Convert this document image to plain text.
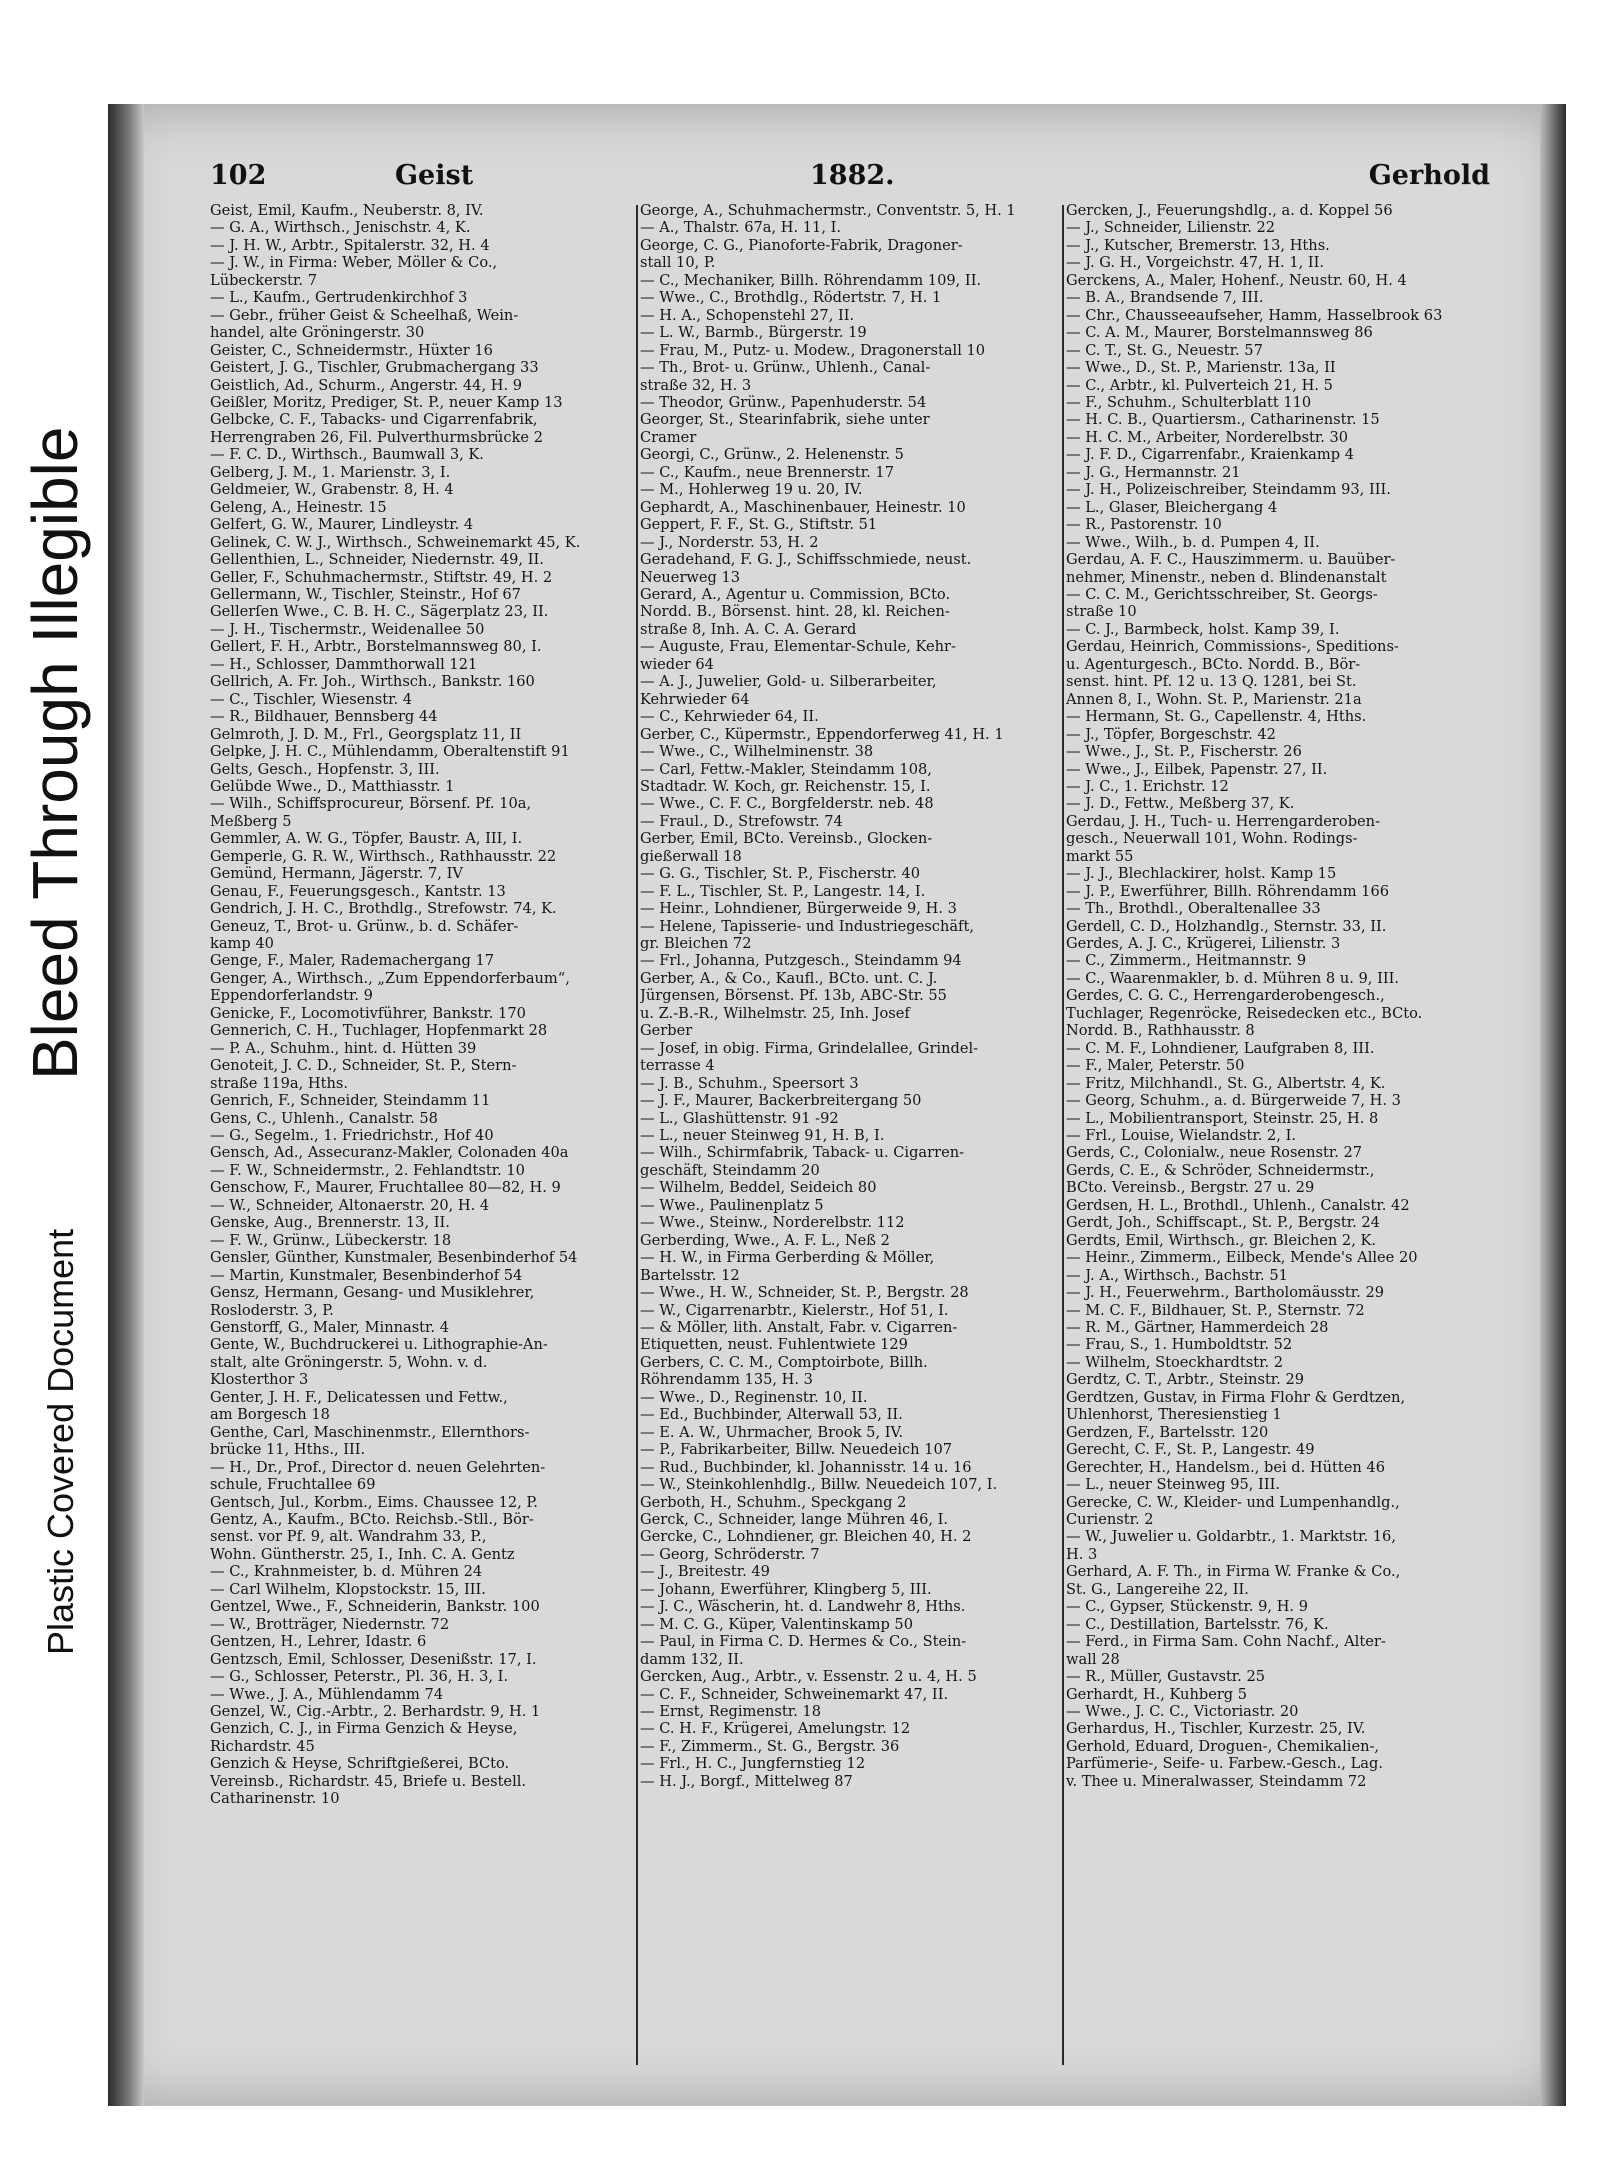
Bleed Through Illegible
Plastic Covered Document
102	Geist	1882.	Gerhold
Geist, Emil, Kaufm., Neuberstr. 8, IV.
— G. A., Wirthsch., Jenischstr. 4, K.
— J. H. W., Arbtr., Spitalerstr. 32, H. 4
— J. W., in Firma: Weber, Möller & Co.,
Lübeckerstr. 7
— L., Kaufm., Gertrudenkirchhof 3
— Gebr., früher Geist & Scheelhaß, Wein-
handel, alte Gröningerstr. 30
Geister, C., Schneidermstr., Hüxter 16
Geistert, J. G., Tischler, Grubmachergang 33
Geistlich, Ad., Schurm., Angerstr. 44, H. 9
Geißler, Moritz, Prediger, St. P., neuer Kamp 13
Gelbcke, C. F., Tabacks- und Cigarrenfabrik,
Herrengraben 26, Fil. Pulverthurmsbrücke 2
— F. C. D., Wirthsch., Baumwall 3, K.
Gelberg, J. M., 1. Marienstr. 3, I.
Geldmeier, W., Grabenstr. 8, H. 4
Geleng, A., Heinestr. 15
Gelfert, G. W., Maurer, Lindleystr. 4
Gelinek, C. W. J., Wirthsch., Schweinemarkt 45, K.
Gellenthien, L., Schneider, Niedernstr. 49, II.
Geller, F., Schuhmachermstr., Stiftstr. 49, H. 2
Gellermann, W., Tischler, Steinstr., Hof 67
Gellerſen Wwe., C. B. H. C., Sägerplatz 23, II.
— J. H., Tischermstr., Weidenallee 50
Gellert, F. H., Arbtr., Borstelmannsweg 80, I.
— H., Schlosser, Dammthorwall 121
Gellrich, A. Fr. Joh., Wirthsch., Bankstr. 160
— C., Tischler, Wiesenstr. 4
— R., Bildhauer, Bennsberg 44
Gelmroth, J. D. M., Frl., Georgsplatz 11, II
Gelpke, J. H. C., Mühlendamm, Oberaltenstift 91
Gelts, Gesch., Hopfenstr. 3, III.
Gelübde Wwe., D., Matthiasstr. 1
— Wilh., Schiffsprocureur, Börsenf. Pf. 10a,
Meßberg 5
Gemmler, A. W. G., Töpfer, Baustr. A, III, I.
Gemperle, G. R. W., Wirthsch., Rathhausstr. 22
Gemünd, Hermann, Jägerstr. 7, IV
Genau, F., Feuerungsgesch., Kantstr. 13
Gendrich, J. H. C., Brothdlg., Strefowstr. 74, K.
Geneuz, T., Brot- u. Grünw., b. d. Schäfer-
kamp 40
Genge, F., Maler, Rademachergang 17
Genger, A., Wirthsch., „Zum Eppendorferbaum“,
Eppendorferlandstr. 9
Genicke, F., Locomotivführer, Bankstr. 170
Gennerich, C. H., Tuchlager, Hopfenmarkt 28
— P. A., Schuhm., hint. d. Hütten 39
Genoteit, J. C. D., Schneider, St. P., Stern-
straße 119a, Hths.
Genrich, F., Schneider, Steindamm 11
Gens, C., Uhlenh., Canalstr. 58
— G., Segelm., 1. Friedrichstr., Hof 40
Gensch, Ad., Assecuranz-Makler, Colonaden 40a
— F. W., Schneidermstr., 2. Fehlandtstr. 10
Genschow, F., Maurer, Fruchtallee 80—82, H. 9
— W., Schneider, Altonaerstr. 20, H. 4
Genske, Aug., Brennerstr. 13, II.
— F. W., Grünw., Lübeckerstr. 18
Gensler, Günther, Kunstmaler, Besenbinderhof 54
— Martin, Kunstmaler, Besenbinderhof 54
Gensz, Hermann, Gesang- und Musiklehrer,
Rosloderstr. 3, P.
Genstorff, G., Maler, Minnastr. 4
Gente, W., Buchdruckerei u. Lithographie-An-
stalt, alte Gröningerstr. 5, Wohn. v. d.
Klosterthor 3
Genter, J. H. F., Delicatessen und Fettw.,
am Borgesch 18
Genthe, Carl, Maschinenmstr., Ellernthors-
brücke 11, Hths., III.
— H., Dr., Prof., Director d. neuen Gelehrten-
schule, Fruchtallee 69
Gentsch, Jul., Korbm., Eims. Chaussee 12, P.
Gentz, A., Kaufm., BCto. Reichsb.-Stll., Bör-
senst. vor Pf. 9, alt. Wandrahm 33, P.,
Wohn. Güntherstr. 25, I., Inh. C. A. Gentz
— C., Krahnmeister, b. d. Mühren 24
— Carl Wilhelm, Klopstockstr. 15, III.
Gentzel, Wwe., F., Schneiderin, Bankstr. 100
— W., Brotträger, Niedernstr. 72
Gentzen, H., Lehrer, Idastr. 6
Gentzsch, Emil, Schlosser, Desenißstr. 17, I.
— G., Schlosser, Peterstr., Pl. 36, H. 3, I.
— Wwe., J. A., Mühlendamm 74
Genzel, W., Cig.-Arbtr., 2. Berhardstr. 9, H. 1
Genzich, C. J., in Firma Genzich & Heyse,
Richardstr. 45
Genzich & Heyse, Schriftgießerei, BCto.
Vereinsb., Richardstr. 45, Briefe u. Bestell.
Catharinenstr. 10
George, A., Schuhmachermstr., Conventstr. 5, H. 1
— A., Thalstr. 67a, H. 11, I.
George, C. G., Pianoforte-Fabrik, Dragoner-
stall 10, P.
— C., Mechaniker, Billh. Röhrendamm 109, II.
— Wwe., C., Brothdlg., Rödertstr. 7, H. 1
— H. A., Schopenstehl 27, II.
— L. W., Barmb., Bürgerstr. 19
— Frau, M., Putz- u. Modew., Dragonerstall 10
— Th., Brot- u. Grünw., Uhlenh., Canal-
straße 32, H. 3
— Theodor, Grünw., Papenhuderstr. 54
Georger, St., Stearinfabrik, siehe unter
Cramer
Georgi, C., Grünw., 2. Helenenstr. 5
— C., Kaufm., neue Brennerstr. 17
— M., Hohlerweg 19 u. 20, IV.
Gephardt, A., Maschinenbauer, Heinestr. 10
Geppert, F. F., St. G., Stiftstr. 51
— J., Norderstr. 53, H. 2
Geradehand, F. G. J., Schiffsschmiede, neust.
Neuerweg 13
Gerard, A., Agentur u. Commission, BCto.
Nordd. B., Börsenst. hint. 28, kl. Reichen-
straße 8, Inh. A. C. A. Gerard
— Auguste, Frau, Elementar-Schule, Kehr-
wieder 64
— A. J., Juwelier, Gold- u. Silberarbeiter,
Kehrwieder 64
— C., Kehrwieder 64, II.
Gerber, C., Küpermstr., Eppendorferweg 41, H. 1
— Wwe., C., Wilhelminenstr. 38
— Carl, Fettw.-Makler, Steindamm 108,
Stadtadr. W. Koch, gr. Reichenstr. 15, I.
— Wwe., C. F. C., Borgfelderstr. neb. 48
— Fraul., D., Strefowstr. 74
Gerber, Emil, BCto. Vereinsb., Glocken-
gießerwall 18
— G. G., Tischler, St. P., Fischerstr. 40
— F. L., Tischler, St. P., Langestr. 14, I.
— Heinr., Lohndiener, Bürgerweide 9, H. 3
— Helene, Tapisserie- und Industriegeschäft,
gr. Bleichen 72
— Frl., Johanna, Putzgesch., Steindamm 94
Gerber, A., & Co., Kaufl., BCto. unt. C. J.
Jürgensen, Börsenst. Pf. 13b, ABC-Str. 55
u. Z.-B.-R., Wilhelmstr. 25, Inh. Josef
Gerber
— Josef, in obig. Firma, Grindelallee, Grindel-
terrasse 4
— J. B., Schuhm., Speersort 3
— J. F., Maurer, Backerbreitergang 50
— L., Glashüttenstr. 91 -92
— L., neuer Steinweg 91, H. B, I.
— Wilh., Schirmfabrik, Taback- u. Cigarren-
geschäft, Steindamm 20
— Wilhelm, Beddel, Seideich 80
— Wwe., Paulinenplatz 5
— Wwe., Steinw., Norderelbstr. 112
Gerberding, Wwe., A. F. L., Neß 2
— H. W., in Firma Gerberding & Möller,
Bartelsstr. 12
— Wwe., H. W., Schneider, St. P., Bergstr. 28
— W., Cigarrenarbtr., Kielerstr., Hof 51, I.
— & Möller, lith. Anstalt, Fabr. v. Cigarren-
Etiquetten, neust. Fuhlentwiete 129
Gerbers, C. C. M., Comptoirbote, Billh.
Röhrendamm 135, H. 3
— Wwe., D., Reginenstr. 10, II.
— Ed., Buchbinder, Alterwall 53, II.
— E. A. W., Uhrmacher, Brook 5, IV.
— P., Fabrikarbeiter, Billw. Neuedeich 107
— Rud., Buchbinder, kl. Johannisstr. 14 u. 16
— W., Steinkohlenhdlg., Billw. Neuedeich 107, I.
Gerboth, H., Schuhm., Speckgang 2
Gerck, C., Schneider, lange Mühren 46, I.
Gercke, C., Lohndiener, gr. Bleichen 40, H. 2
— Georg, Schröderstr. 7
— J., Breitestr. 49
— Johann, Ewerführer, Klingberg 5, III.
— J. C., Wäscherin, ht. d. Landwehr 8, Hths.
— M. C. G., Küper, Valentinskamp 50
— Paul, in Firma C. D. Hermes & Co., Stein-
damm 132, II.
Gercken, Aug., Arbtr., v. Essenstr. 2 u. 4, H. 5
— C. F., Schneider, Schweinemarkt 47, II.
— Ernst, Regimenstr. 18
— C. H. F., Krügerei, Amelungstr. 12
— F., Zimmerm., St. G., Bergstr. 36
— Frl., H. C., Jungfernstieg 12
— H. J., Borgf., Mittelweg 87
Gercken, J., Feuerungshdlg., a. d. Koppel 56
— J., Schneider, Lilienstr. 22
— J., Kutscher, Bremerstr. 13, Hths.
— J. G. H., Vorgeichstr. 47, H. 1, II.
Gerckens, A., Maler, Hohenf., Neustr. 60, H. 4
— B. A., Brandsende 7, III.
— Chr., Chausseeaufseher, Hamm, Hasselbrook 63
— C. A. M., Maurer, Borstelmannsweg 86
— C. T., St. G., Neuestr. 57
— Wwe., D., St. P., Marienstr. 13a, II
— C., Arbtr., kl. Pulverteich 21, H. 5
— F., Schuhm., Schulterblatt 110
— H. C. B., Quartiersm., Catharinenstr. 15
— H. C. M., Arbeiter, Norderelbstr. 30
— J. F. D., Cigarrenfabr., Kraienkamp 4
— J. G., Hermannstr. 21
— J. H., Polizeischreiber, Steindamm 93, III.
— L., Glaser, Bleichergang 4
— R., Pastorenstr. 10
— Wwe., Wilh., b. d. Pumpen 4, II.
Gerdau, A. F. C., Hauszimmerm. u. Bauüber-
nehmer, Minenstr., neben d. Blindenanstalt
— C. C. M., Gerichtsschreiber, St. Georgs-
straße 10
— C. J., Barmbeck, holst. Kamp 39, I.
Gerdau, Heinrich, Commissions-, Speditions-
u. Agenturgesch., BCto. Nordd. B., Bör-
senst. hint. Pf. 12 u. 13 Q. 1281, bei St.
Annen 8, I., Wohn. St. P., Marienstr. 21a
— Hermann, St. G., Capellenstr. 4, Hths.
— J., Töpfer, Borgeschstr. 42
— Wwe., J., St. P., Fischerstr. 26
— Wwe., J., Eilbek, Papenstr. 27, II.
— J. C., 1. Erichstr. 12
— J. D., Fettw., Meßberg 37, K.
Gerdau, J. H., Tuch- u. Herrengarderoben-
gesch., Neuerwall 101, Wohn. Rodings-
markt 55
— J. J., Blechlackirer, holst. Kamp 15
— J. P., Ewerführer, Billh. Röhrendamm 166
— Th., Brothdl., Oberaltenallee 33
Gerdell, C. D., Holzhandlg., Sternstr. 33, II.
Gerdes, A. J. C., Krügerei, Lilienstr. 3
— C., Zimmerm., Heitmannstr. 9
— C., Waarenmakler, b. d. Mühren 8 u. 9, III.
Gerdes, C. G. C., Herrengarderobengesch.,
Tuchlager, Regenröcke, Reisedecken etc., BCto.
Nordd. B., Rathhausstr. 8
— C. M. F., Lohndiener, Laufgraben 8, III.
— F., Maler, Peterstr. 50
— Fritz, Milchhandl., St. G., Albertstr. 4, K.
— Georg, Schuhm., a. d. Bürgerweide 7, H. 3
— L., Mobilientransport, Steinstr. 25, H. 8
— Frl., Louise, Wielandstr. 2, I.
Gerds, C., Colonialw., neue Rosenstr. 27
Gerds, C. E., & Schröder, Schneidermstr.,
BCto. Vereinsb., Bergstr. 27 u. 29
Gerdsen, H. L., Brothdl., Uhlenh., Canalstr. 42
Gerdt, Joh., Schiffscapt., St. P., Bergstr. 24
Gerdts, Emil, Wirthsch., gr. Bleichen 2, K.
— Heinr., Zimmerm., Eilbeck, Mende's Allee 20
— J. A., Wirthsch., Bachstr. 51
— J. H., Feuerwehrm., Bartholomäusstr. 29
— M. C. F., Bildhauer, St. P., Sternstr. 72
— R. M., Gärtner, Hammerdeich 28
— Frau, S., 1. Humboldtstr. 52
— Wilhelm, Stoeckhardtstr. 2
Gerdtz, C. T., Arbtr., Steinstr. 29
Gerdtzen, Gustav, in Firma Flohr & Gerdtzen,
Uhlenhorst, Theresienstieg 1
Gerdzen, F., Bartelsstr. 120
Gerecht, C. F., St. P., Langestr. 49
Gerechter, H., Handelsm., bei d. Hütten 46
— L., neuer Steinweg 95, III.
Gerecke, C. W., Kleider- und Lumpenhandlg.,
Curienstr. 2
— W., Juwelier u. Goldarbtr., 1. Marktstr. 16,
H. 3
Gerhard, A. F. Th., in Firma W. Franke & Co.,
St. G., Langereihe 22, II.
— C., Gypser, Stückenstr. 9, H. 9
— C., Destillation, Bartelsstr. 76, K.
— Ferd., in Firma Sam. Cohn Nachf., Alter-
wall 28
— R., Müller, Gustavstr. 25
Gerhardt, H., Kuhberg 5
— Wwe., J. C. C., Victoriastr. 20
Gerhardus, H., Tischler, Kurzestr. 25, IV.
Gerhold, Eduard, Droguen-, Chemikalien-,
Parfümerie-, Seife- u. Farbew.-Gesch., Lag.
v. Thee u. Mineralwasser, Steindamm 72
